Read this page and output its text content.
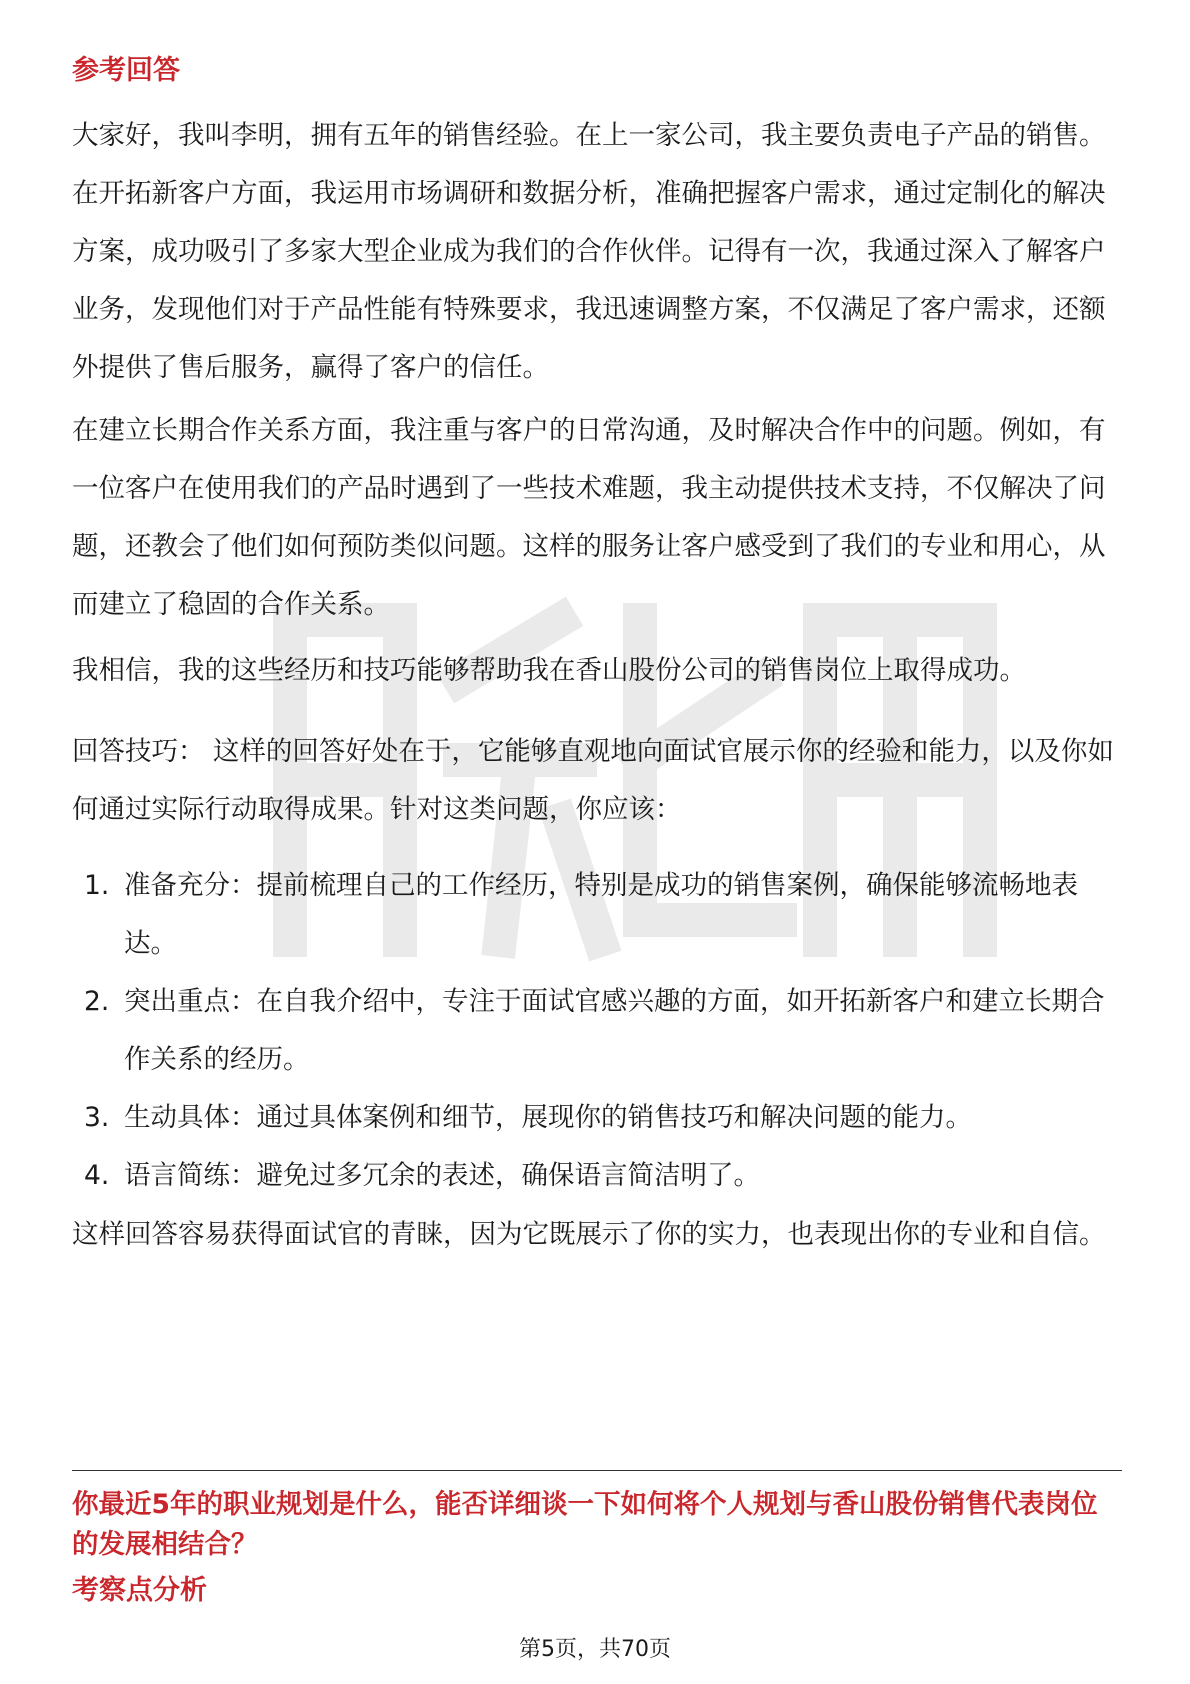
参考回答

大家好，我叫李明，拥有五年的销售经验。在上一家公司，我主要负责电子产品的销售。在开拓新客户方面，我运用市场调研和数据分析，准确把握客户需求，通过定制化的解决方案，成功吸引了多家大型企业成为我们的合作伙伴。记得有一次，我通过深入了解客户业务，发现他们对于产品性能有特殊要求，我迅速调整方案，不仅满足了客户需求，还额外提供了售后服务，赢得了客户的信任。

在建立长期合作关系方面，我注重与客户的日常沟通，及时解决合作中的问题。例如，有一位客户在使用我们的产品时遇到了一些技术难题，我主动提供技术支持，不仅解决了问题，还教会了他们如何预防类似问题。这样的服务让客户感受到了我们的专业和用心，从而建立了稳固的合作关系。

我相信，我的这些经历和技巧能够帮助我在香山股份公司的销售岗位上取得成功。

回答技巧： 这样的回答好处在于，它能够直观地向面试官展示你的经验和能力，以及你如何通过实际行动取得成果。针对这类问题，你应该：

1. 准备充分：提前梳理自己的工作经历，特别是成功的销售案例，确保能够流畅地表达。
2. 突出重点：在自我介绍中，专注于面试官感兴趣的方面，如开拓新客户和建立长期合作关系的经历。
3. 生动具体：通过具体案例和细节，展现你的销售技巧和解决问题的能力。
4. 语言简练：避免过多冗余的表述，确保语言简洁明了。

这样回答容易获得面试官的青睐，因为它既展示了你的实力，也表现出你的专业和自信。

你最近5年的职业规划是什么，能否详细谈一下如何将个人规划与香山股份销售代表岗位的发展相结合？

考察点分析
第5页，共70页
